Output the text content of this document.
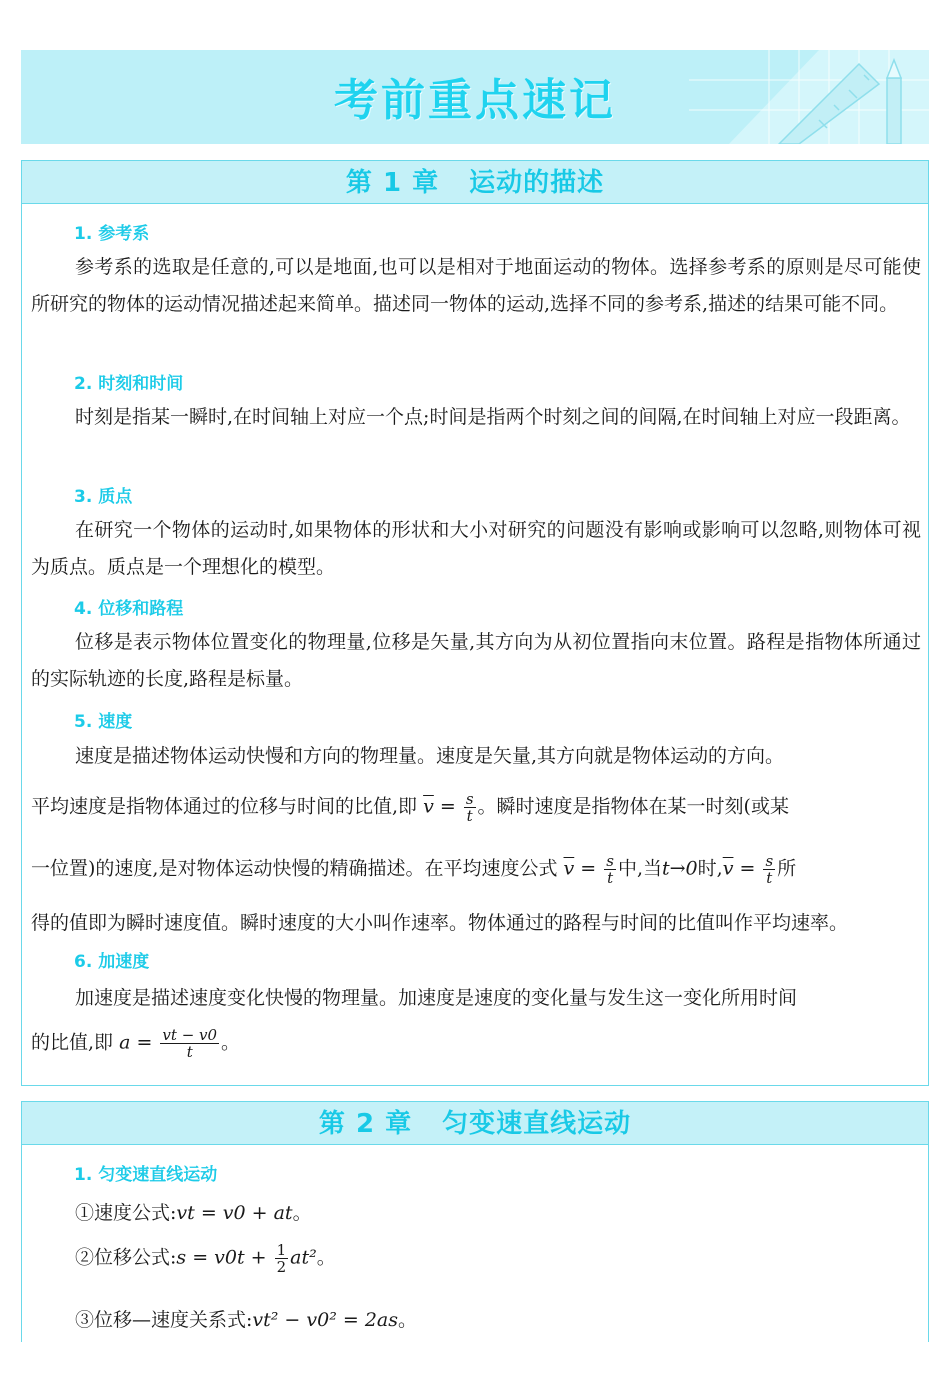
考前重点速记
第 1 章 运动的描述
1. 参考系
参考系的选取是任意的,可以是地面,也可以是相对于地面运动的物体。选择参考系的原则是尽可能使所研究的物体的运动情况描述起来简单。描述同一物体的运动,选择不同的参考系,描述的结果可能不同。
2. 时刻和时间
时刻是指某一瞬时,在时间轴上对应一个点;时间是指两个时刻之间的间隔,在时间轴上对应一段距离。
3. 质点
在研究一个物体的运动时,如果物体的形状和大小对研究的问题没有影响或影响可以忽略,则物体可视为质点。质点是一个理想化的模型。
4. 位移和路程
位移是表示物体位置变化的物理量,位移是矢量,其方向为从初位置指向末位置。路程是指物体所通过的实际轨迹的长度,路程是标量。
5. 速度
速度是描述物体运动快慢和方向的物理量。速度是矢量,其方向就是物体运动的方向。
平均速度是指物体通过的位移与时间的比值,即 $\overline{v} = \frac{s}{t}$ 。瞬时速度是指物体在某一时刻(或某
一位置)的速度,是对物体运动快慢的精确描述。在平均速度公式 $\overline{v} = \frac{s}{t}$ 中,当t→0时$,\overline{v} = \frac{s}{t}$ 所
得的值即为瞬时速度值。瞬时速度的大小叫作速率。物体通过的路程与时间的比值叫作平均速率。
6. 加速度
加速度是描述速度变化快慢的物理量。加速度是速度的变化量与发生这一变化所用时间
的比值,即 $a = \frac{vt - v0}{t}$ 。
第 2 章 匀变速直线运动
1. 匀变速直线运动
①速度公式:vt = v0 + at。
②位移公式:s = $v0t + \frac{1}{2} at^2$。
③位移—速度关系式:vt² − v0² = 2as。
